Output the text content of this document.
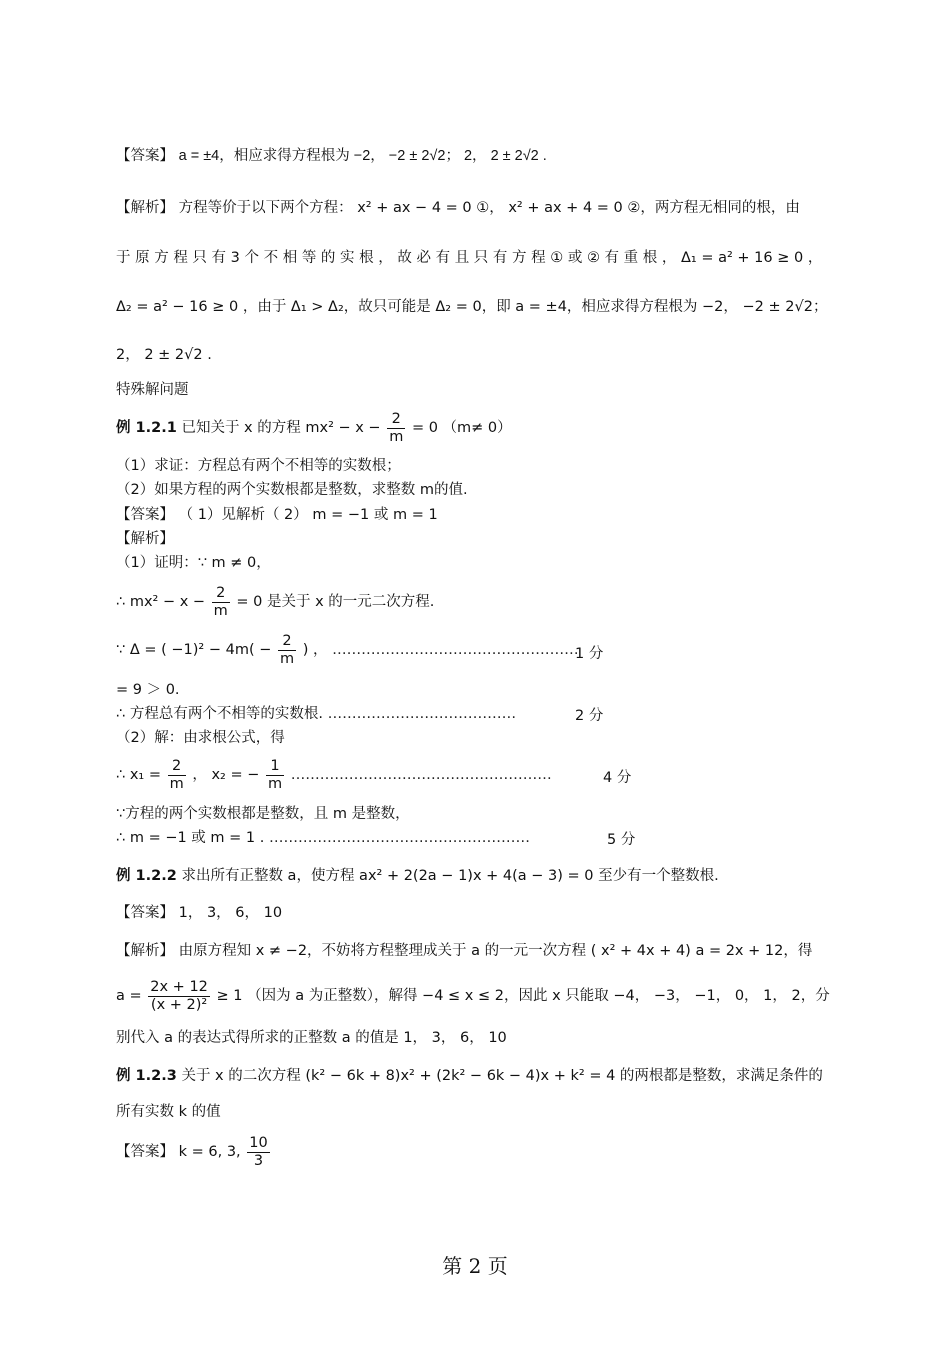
【答案】 a = ±4，相应求得方程根为 −2， −2 ± 2√2； 2， 2 ± 2√2 .
【解析】 方程等价于以下两个方程： x² + ax − 4 = 0 ①， x² + ax + 4 = 0 ②，两方程无相同的根，由
于 原 方 程 只 有 3 个 不 相 等 的 实 根 ， 故 必 有 且 只 有 方 程 ① 或 ② 有 重 根 ， Δ₁ = a² + 16 ≥ 0 ，
Δ₂ = a² − 16 ≥ 0 ，由于 Δ₁ > Δ₂，故只可能是 Δ₂ = 0，即 a = ±4，相应求得方程根为 −2， −2 ± 2√2；
2， 2 ± 2√2 .
特殊解问题
例 1.2.1 已知关于 x 的方程 $mx^2 - x - \frac{2}{m} = 0$ （m≠ 0）
（1）求证：方程总有两个不相等的实数根；
（2）如果方程的两个实数根都是整数，求整数 m的值.
【答案】 （ 1）见解析（ 2） m = −1 或 m = 1
【解析】
（1）证明：∵ m ≠ 0，
∴ $mx^2 - x - \frac{2}{m} = 0$ 是关于 x 的一元二次方程.
∵ Δ = ( $-1)^2 - 4m( - \frac{2}{m}$ ) ， ……………………………………………
1 分
= 9 ＞ 0.
∴ 方程总有两个不相等的实数根. …………………………………	2 分
（2）解：由求根公式，得
∴ $x_1 = \frac{2}{m}$ ， x₂ = − $\frac{1}{m}$ ………………………………………………	4 分
∵方程的两个实数根都是整数，且 m 是整数，
∴ m = −1 或 m = 1 . ………………………………………………	5 分
例 1.2.2 求出所有正整数 a，使方程 ax² + 2(2a − 1)x + 4(a − 3) = 0 至少有一个整数根.
【答案】 1， 3， 6， 10
【解析】 由原方程知 x ≠ −2，不妨将方程整理成关于 a 的一元一次方程 ( x² + 4x + 4) a = 2x + 12，得
$a = \frac{2x + 12}{\text{(x + 2)²}} \ge 1$ （因为 a 为正整数），解得 −4 ≤ x ≤ 2，因此 x 只能取 −4， −3， −1， 0， 1， 2，分
别代入 a 的表达式得所求的正整数 a 的值是 1， 3， 6， 10
例 1.2.3 关于 x 的二次方程 (k² − 6k + 8)x² + (2k² − 6k − 4)x + k² = 4 的两根都是整数，求满足条件的
所有实数 k 的值
【答案】 k = 6, 3, $\frac{10}{3}$
第 2 页
